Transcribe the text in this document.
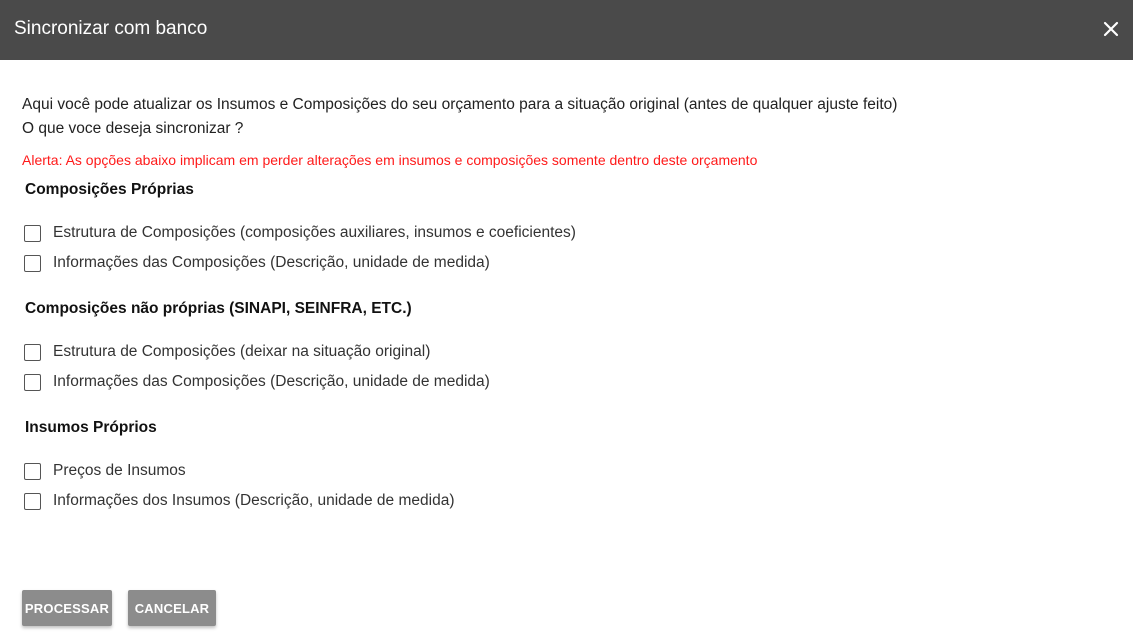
Sincronizar com banco
Aqui você pode atualizar os Insumos e Composições do seu orçamento para a situação original (antes de qualquer ajuste feito)
O que voce deseja sincronizar ?
Alerta: As opções abaixo implicam em perder alterações em insumos e composições somente dentro deste orçamento
Composições Próprias
Estrutura de Composições (composições auxiliares, insumos e coeficientes)
Informações das Composições (Descrição, unidade de medida)
Composições não próprias (SINAPI, SEINFRA, ETC.)
Estrutura de Composições (deixar na situação original)
Informações das Composições (Descrição, unidade de medida)
Insumos Próprios
Preços de Insumos
Informações dos Insumos (Descrição, unidade de medida)
PROCESSAR	CANCELAR
